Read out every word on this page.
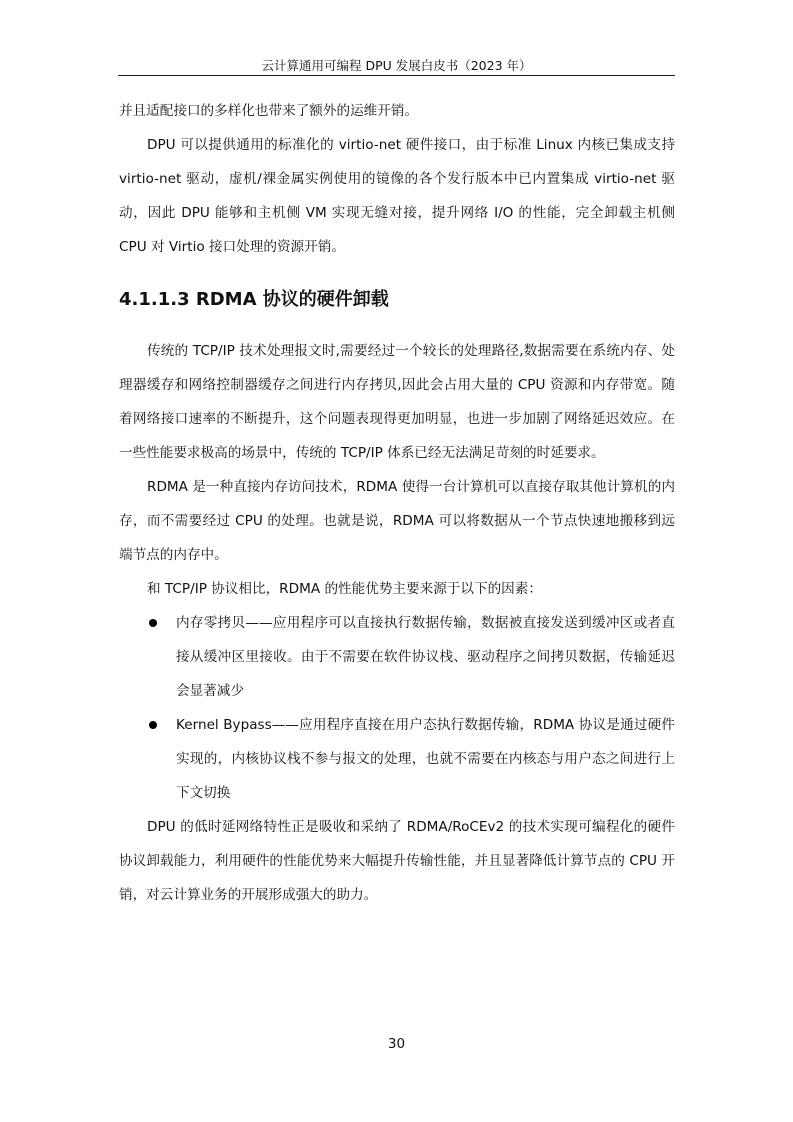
云计算通用可编程 DPU 发展白皮书（2023 年）

并且适配接口的多样化也带来了额外的运维开销。

DPU 可以提供通用的标准化的 virtio-net 硬件接口，由于标准 Linux 内核已集成支持 virtio-net 驱动，虚机/裸金属实例使用的镜像的各个发行版本中已内置集成 virtio-net 驱动，因此 DPU 能够和主机侧 VM 实现无缝对接，提升网络 I/O 的性能，完全卸载主机侧 CPU 对 Virtio 接口处理的资源开销。

4.1.1.3 RDMA 协议的硬件卸载

传统的 TCP/IP 技术处理报文时,需要经过一个较长的处理路径,数据需要在系统内存、处理器缓存和网络控制器缓存之间进行内存拷贝,因此会占用大量的 CPU 资源和内存带宽。随着网络接口速率的不断提升，这个问题表现得更加明显，也进一步加剧了网络延迟效应。在一些性能要求极高的场景中，传统的 TCP/IP 体系已经无法满足苛刻的时延要求。

RDMA 是一种直接内存访问技术，RDMA 使得一台计算机可以直接存取其他计算机的内存，而不需要经过 CPU 的处理。也就是说，RDMA 可以将数据从一个节点快速地搬移到远端节点的内存中。

和 TCP/IP 协议相比，RDMA 的性能优势主要来源于以下的因素：

内存零拷贝——应用程序可以直接执行数据传输，数据被直接发送到缓冲区或者直接从缓冲区里接收。由于不需要在软件协议栈、驱动程序之间拷贝数据，传输延迟会显著减少
Kernel Bypass——应用程序直接在用户态执行数据传输，RDMA 协议是通过硬件实现的，内核协议栈不参与报文的处理，也就不需要在内核态与用户态之间进行上下文切换

DPU 的低时延网络特性正是吸收和采纳了 RDMA/RoCEv2 的技术实现可编程化的硬件协议卸载能力，利用硬件的性能优势来大幅提升传输性能，并且显著降低计算节点的 CPU 开销，对云计算业务的开展形成强大的助力。

30
